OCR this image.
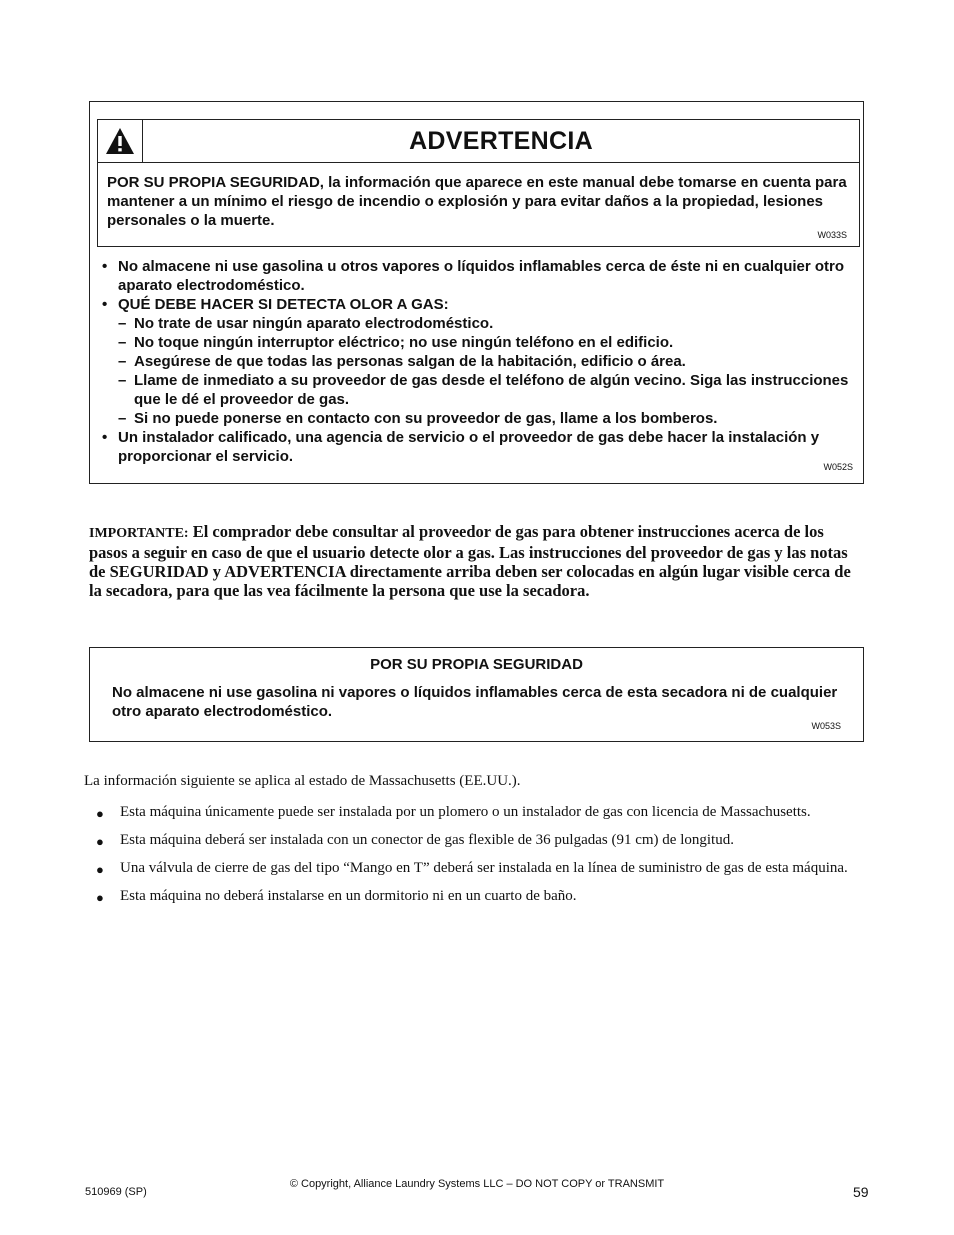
ADVERTENCIA
POR SU PROPIA SEGURIDAD, la información que aparece en este manual debe tomarse en cuenta para mantener a un mínimo el riesgo de incendio o explosión y para evitar daños a la propiedad, lesiones personales o la muerte.
W033S
• No almacene ni use gasolina u otros vapores o líquidos inflamables cerca de éste ni en cualquier otro aparato electrodoméstico.
• QUÉ DEBE HACER SI DETECTA OLOR A GAS:
– No trate de usar ningún aparato electrodoméstico.
– No toque ningún interruptor eléctrico; no use ningún teléfono en el edificio.
– Asegúrese de que todas las personas salgan de la habitación, edificio o área.
– Llame de inmediato a su proveedor de gas desde el teléfono de algún vecino. Siga las instrucciones que le dé el proveedor de gas.
– Si no puede ponerse en contacto con su proveedor de gas, llame a los bomberos.
• Un instalador calificado, una agencia de servicio o el proveedor de gas debe hacer la instalación y proporcionar el servicio.
W052S
IMPORTANTE: El comprador debe consultar al proveedor de gas para obtener instrucciones acerca de los pasos a seguir en caso de que el usuario detecte olor a gas. Las instrucciones del proveedor de gas y las notas de SEGURIDAD y ADVERTENCIA directamente arriba deben ser colocadas en algún lugar visible cerca de la secadora, para que las vea fácilmente la persona que use la secadora.
POR SU PROPIA SEGURIDAD
No almacene ni use gasolina ni vapores o líquidos inflamables cerca de esta secadora ni de cualquier otro aparato electrodoméstico.
W053S
La información siguiente se aplica al estado de Massachusetts (EE.UU.).
● Esta máquina únicamente puede ser instalada por un plomero o un instalador de gas con licencia de Massachusetts.
● Esta máquina deberá ser instalada con un conector de gas flexible de 36 pulgadas (91 cm) de longitud.
● Una válvula de cierre de gas del tipo “Mango en T” deberá ser instalada en la línea de suministro de gas de esta máquina.
● Esta máquina no deberá instalarse en un dormitorio ni en un cuarto de baño.
510969 (SP)
© Copyright, Alliance Laundry Systems LLC – DO NOT COPY or TRANSMIT	59
